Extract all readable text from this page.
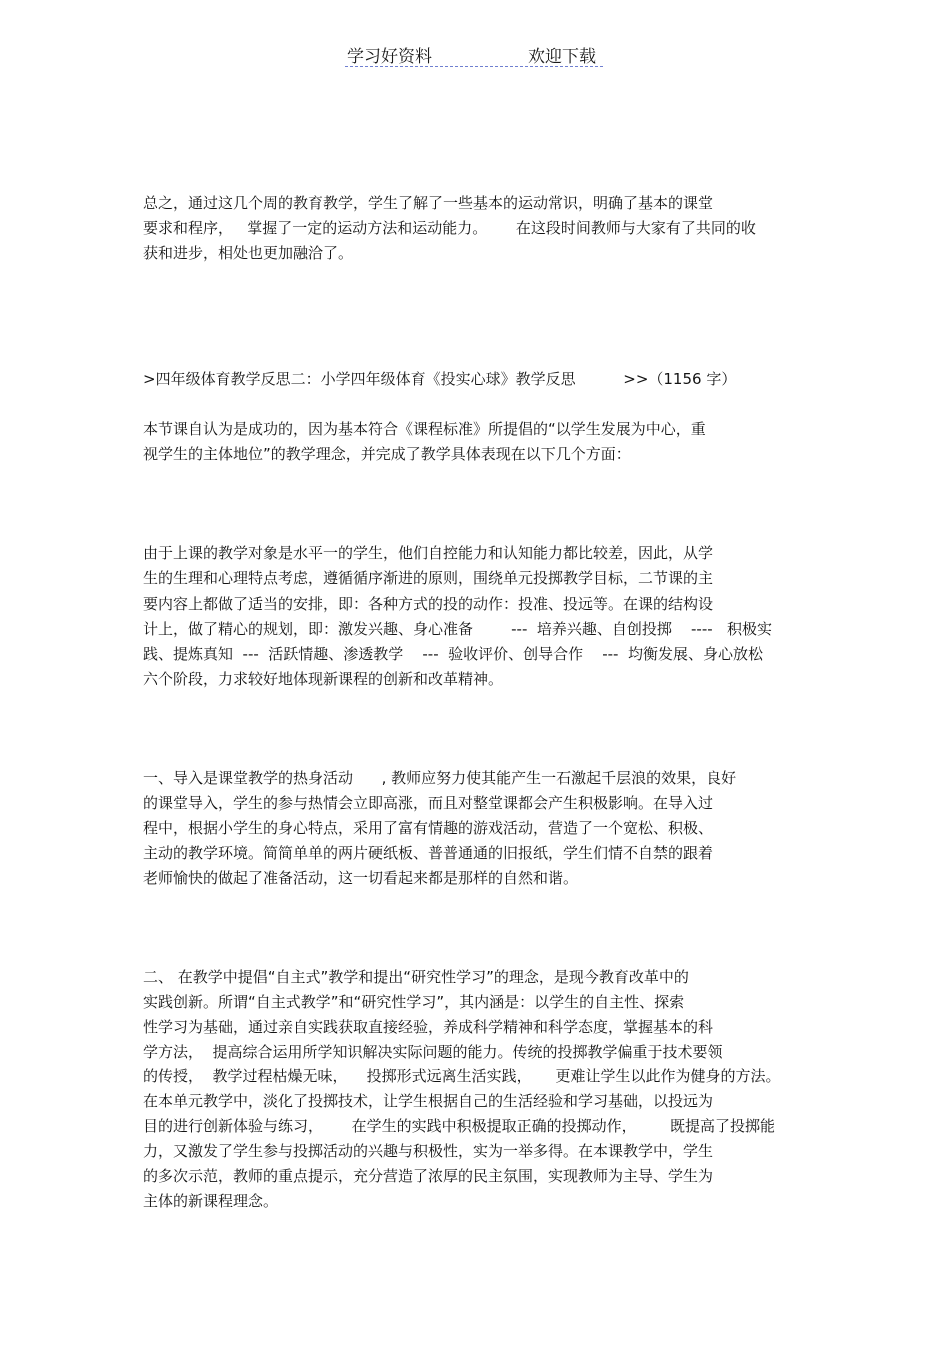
学习好资料	欢迎下载
总之，通过这几个周的教育教学，学生了解了一些基本的运动常识，明确了基本的课堂
要求和程序，   掌握了一定的运动方法和运动能力。      在这段时间教师与大家有了共同的收
获和进步，相处也更加融洽了。
>四年级体育教学反思二：小学四年级体育《投实心球》教学反思          >>（1156 字）
本节课自认为是成功的，因为基本符合《课程标准》所提倡的“以学生发展为中心，重
视学生的主体地位”的教学理念，并完成了教学具体表现在以下几个方面：
由于上课的教学对象是水平一的学生，他们自控能力和认知能力都比较差，因此，从学
生的生理和心理特点考虑，遵循循序渐进的原则，围绕单元投掷教学目标，二节课的主
要内容上都做了适当的安排，即：各种方式的投的动作：投准、投远等。在课的结构设
计上，做了精心的规划，即：激发兴趣、身心准备        ---  培养兴趣、自创投掷    ----   积极实
践、提炼真知  ---  活跃情趣、渗透教学    ---  验收评价、创导合作    ---  均衡发展、身心放松
六个阶段，力求较好地体现新课程的创新和改革精神。
一、导入是课堂教学的热身活动      , 教师应努力使其能产生一石激起千层浪的效果，良好
的课堂导入，学生的参与热情会立即高涨，而且对整堂课都会产生积极影响。在导入过
程中，根据小学生的身心特点，采用了富有情趣的游戏活动，营造了一个宽松、积极、
主动的教学环境。简简单单的两片硬纸板、普普通通的旧报纸，学生们情不自禁的跟着
老师愉快的做起了准备活动，这一切看起来都是那样的自然和谐。
二、 在教学中提倡“自主式”教学和提出“研究性学习”的理念，是现今教育改革中的
实践创新。所谓“自主式教学”和“研究性学习”，其内涵是：以学生的自主性、探索
性学习为基础，通过亲自实践获取直接经验，养成科学精神和科学态度，掌握基本的科
学方法，  提高综合运用所学知识解决实际问题的能力。传统的投掷教学偏重于技术要领
的传授，  教学过程枯燥无味，    投掷形式远离生活实践，     更难让学生以此作为健身的方法。
在本单元教学中，淡化了投掷技术，让学生根据自己的生活经验和学习基础，以投远为
目的进行创新体验与练习，      在学生的实践中积极提取正确的投掷动作，       既提高了投掷能
力，又激发了学生参与投掷活动的兴趣与积极性，实为一举多得。在本课教学中，学生
的多次示范，教师的重点提示，充分营造了浓厚的民主氛围，实现教师为主导、学生为
主体的新课程理念。
